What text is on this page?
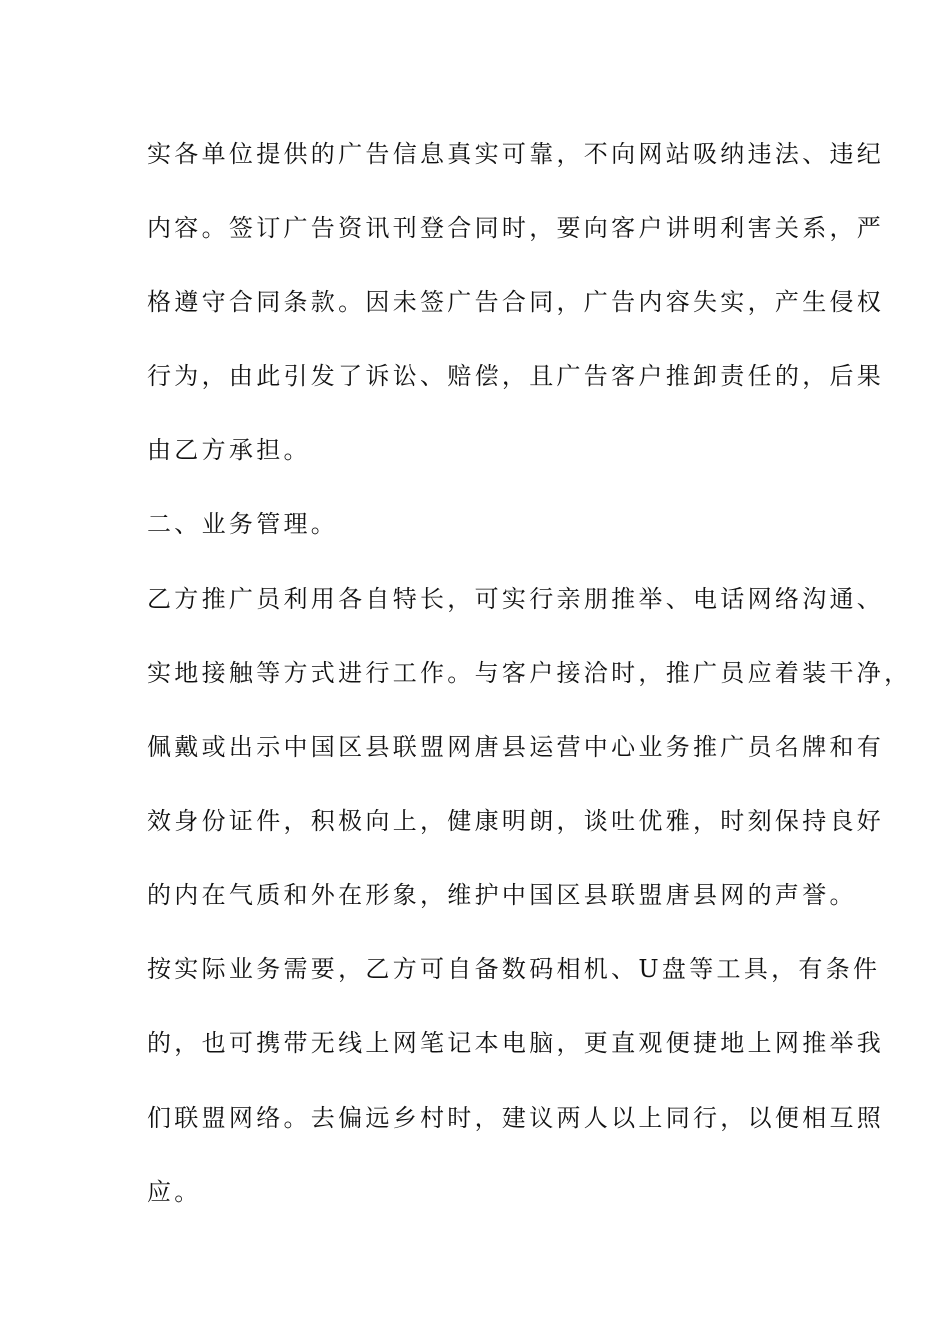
实各单位提供的广告信息真实可靠，不向网站吸纳违法、违纪
内容。签订广告资讯刊登合同时，要向客户讲明利害关系，严
格遵守合同条款。因未签广告合同，广告内容失实，产生侵权
行为，由此引发了诉讼、赔偿，且广告客户推卸责任的，后果
由乙方承担。
二、业务管理。
乙方推广员利用各自特长，可实行亲朋推举、电话网络沟通、
实地接触等方式进行工作。与客户接洽时，推广员应着装干净，
佩戴或出示中国区县联盟网唐县运营中心业务推广员名牌和有
效身份证件，积极向上，健康明朗，谈吐优雅，时刻保持良好
的内在气质和外在形象，维护中国区县联盟唐县网的声誉。
按实际业务需要，乙方可自备数码相机、U盘等工具，有条件
的，也可携带无线上网笔记本电脑，更直观便捷地上网推举我
们联盟网络。去偏远乡村时，建议两人以上同行，以便相互照
应。
